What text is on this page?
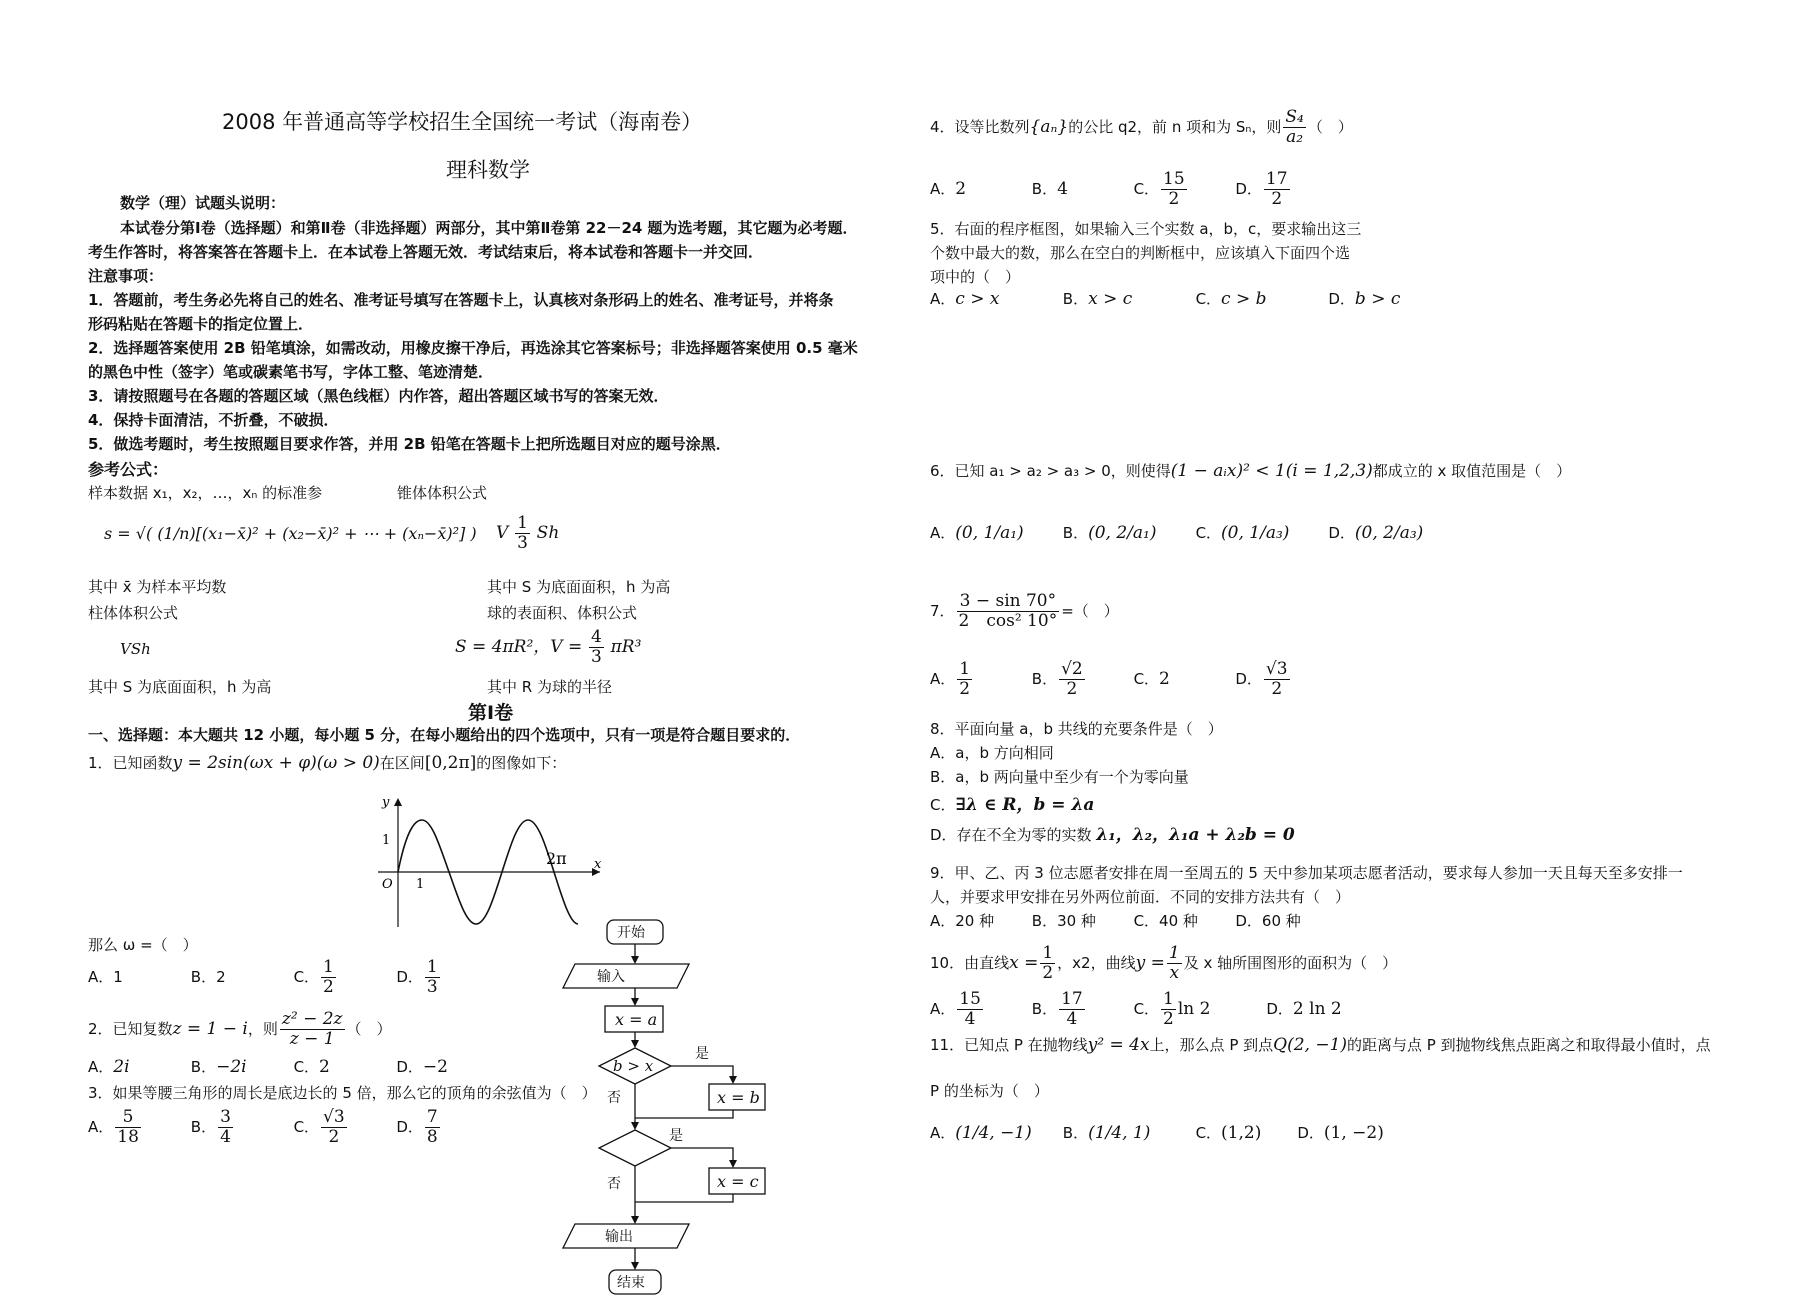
2008 年普通高等学校招生全国统一考试（海南卷）
理科数学
数学（理）试题头说明：
本试卷分第Ⅰ卷（选择题）和第Ⅱ卷（非选择题）两部分，其中第Ⅱ卷第 22－24 题为选考题，其它题为必考题．
考生作答时，将答案答在答题卡上．在本试卷上答题无效．考试结束后，将本试卷和答题卡一并交回．
注意事项：
1．答题前，考生务必先将自己的姓名、准考证号填写在答题卡上，认真核对条形码上的姓名、准考证号，并将条
形码粘贴在答题卡的指定位置上．
2．选择题答案使用 2B 铅笔填涂，如需改动，用橡皮擦干净后，再选涂其它答案标号；非选择题答案使用 0.5 毫米
的黑色中性（签字）笔或碳素笔书写，字体工整、笔迹清楚．
3．请按照题号在各题的答题区域（黑色线框）内作答，超出答题区域书写的答案无效．
4．保持卡面清洁，不折叠，不破损．
5．做选考题时，考生按照题目要求作答，并用 2B 铅笔在答题卡上把所选题目对应的题号涂黑．
参考公式：
样本数据 x₁，x₂，…，xₙ 的标准参	锥体体积公式
s = √( (1/n)[(x₁−x̄)² + (x₂−x̄)² + ⋯ + (xₙ−x̄)²] ) V $\frac{1}{3}$ Sh
其中 x̄ 为样本平均数	其中 S 为底面面积，h 为高
柱体体积公式	球的表面积、体积公式
VSh	S = 4πR²，$V = \frac{4}{3} \pi R^3$
其中 S 为底面面积，h 为高	其中 R 为球的半径
第Ⅰ卷
一、选择题：本大题共 12 小题，每小题 5 分，在每小题给出的四个选项中，只有一项是符合题目要求的．
1．已知函数y = 2sin(ωx + φ)(ω > 0)在区间[0,2π]的图像如下：
y
x
O
1
1
2π
那么 ω =（　）
A．1	B．2	C． $\frac{1}{2}$	D． $\frac{1}{3}$
2．已知复数z = 1 − i，则 $\frac{\text{z² − 2z}}{z - 1}$ （　）
A．2i	B．−2i	C．2	D．−2
3．如果等腰三角形的周长是底边长的 5 倍，那么它的顶角的余弦值为（　）
A． $\frac{5}{18}$	B． $\frac{3}{4}$	C． $\frac{√3}{2}$	D． $\frac{7}{8}$
开始
输入
x = a
b > x
是
否	x = b
是
否	x = c
输出
结束
4．设等比数列{aₙ}的公比 q2，前 n 项和为 Sₙ，则 $\frac{\text{S₄}}{\text{a₂}}$ （　）
A．2	B．4	C． $\frac{15}{2}$	D． $\frac{17}{2}$
5．右面的程序框图，如果输入三个实数 a，b，c，要求输出这三
个数中最大的数，那么在空白的判断框中，应该填入下面四个选
项中的（　）
A．c > x	B．x > c	C．c > b	D．b > c
6．已知 a₁ > a₂ > a₃ > 0，则使得(1 − aᵢx)² < 1(i = 1,2,3)都成立的 x 取值范围是（　）
A．(0, 1/a₁)	B．(0, 2/a₁)	C．(0, 1/a₃)	D．(0, 2/a₃)
7． $\frac{3 - \sin 70^\circ}{\text{2　cos² 10°}}$ =（　）
A． $\frac{1}{2}$	B． $\frac{√2}{2}$	C．2	D． $\frac{√3}{2}$
8．平面向量 a，b 共线的充要条件是（　）
A．a，b 方向相同
B．a，b 两向量中至少有一个为零向量
C．∃λ ∈ R，b = λa
D．存在不全为零的实数 λ₁，λ₂，λ₁a + λ₂b = 0
9．甲、乙、丙 3 位志愿者安排在周一至周五的 5 天中参加某项志愿者活动，要求每人参加一天且每天至多安排一
人，并要求甲安排在另外两位前面．不同的安排方法共有（　）
A．20 种	B．30 种	C．40 种 D．60 种
10．由直线$x = \frac{1}{2}$ ，x2，曲线$y = \frac{1}{x}$ 及 x 轴所围图形的面积为（　）
A． $\frac{15}{4}$	B． $\frac{17}{4}$	C． $\frac{1}{2}$ ln 2	D．2 ln 2
11．已知点 P 在抛物线y² = 4x上，那么点 P 到点Q(2, −1)的距离与点 P 到抛物线焦点距离之和取得最小值时，点
P 的坐标为（　）
A．(1/4, −1) B．(1/4, 1)	C．(1,2) D．(1, −2)
